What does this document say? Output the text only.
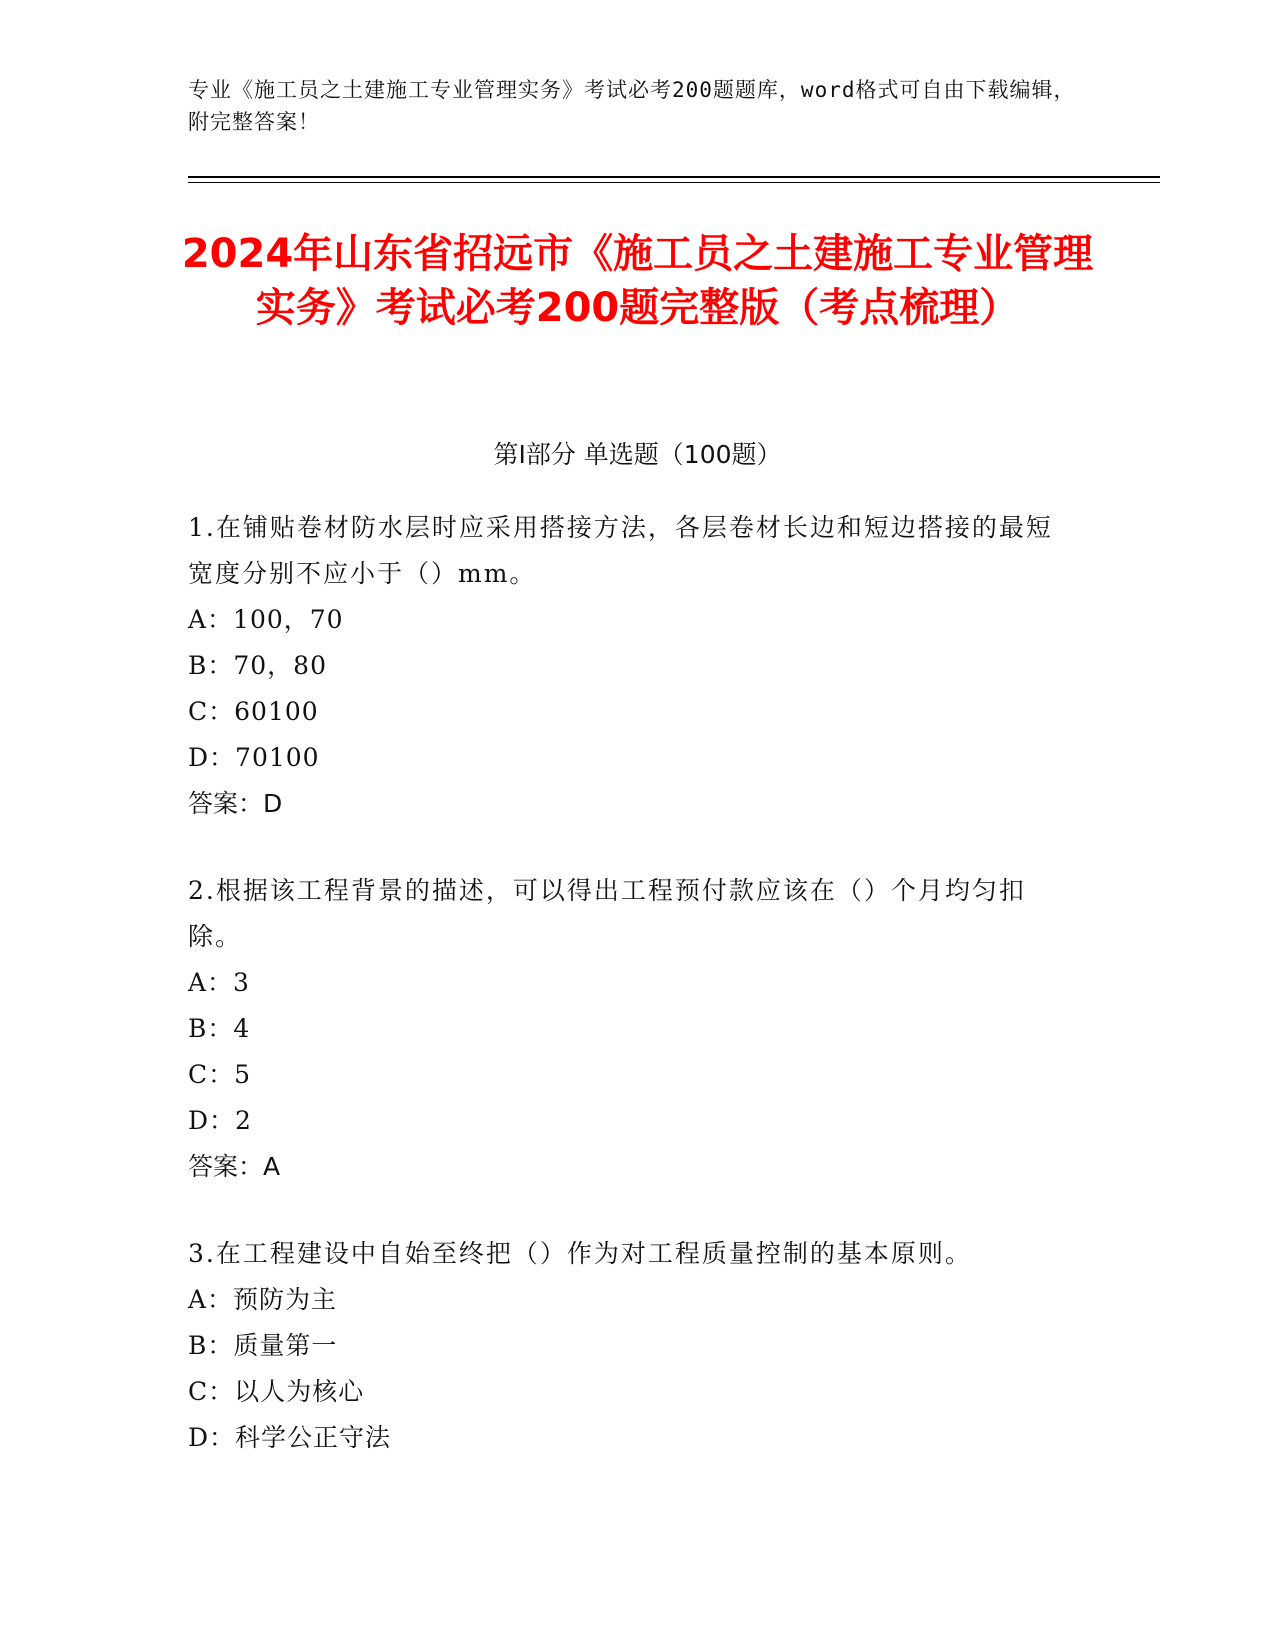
专业《施工员之土建施工专业管理实务》考试必考200题题库，word格式可自由下载编辑，附完整答案！
2024年山东省招远市《施工员之土建施工专业管理实务》考试必考200题完整版（考点梳理）
第I部分 单选题（100题）
1.在铺贴卷材防水层时应采用搭接方法，各层卷材长边和短边搭接的最短宽度分别不应小于（）mm。
A：100，70
B：70，80
C：60100
D：70100
答案：D
2.根据该工程背景的描述，可以得出工程预付款应该在（）个月均匀扣除。
A：3
B：4
C：5
D：2
答案：A
3.在工程建设中自始至终把（）作为对工程质量控制的基本原则。
A：预防为主
B：质量第一
C：以人为核心
D：科学公正守法
